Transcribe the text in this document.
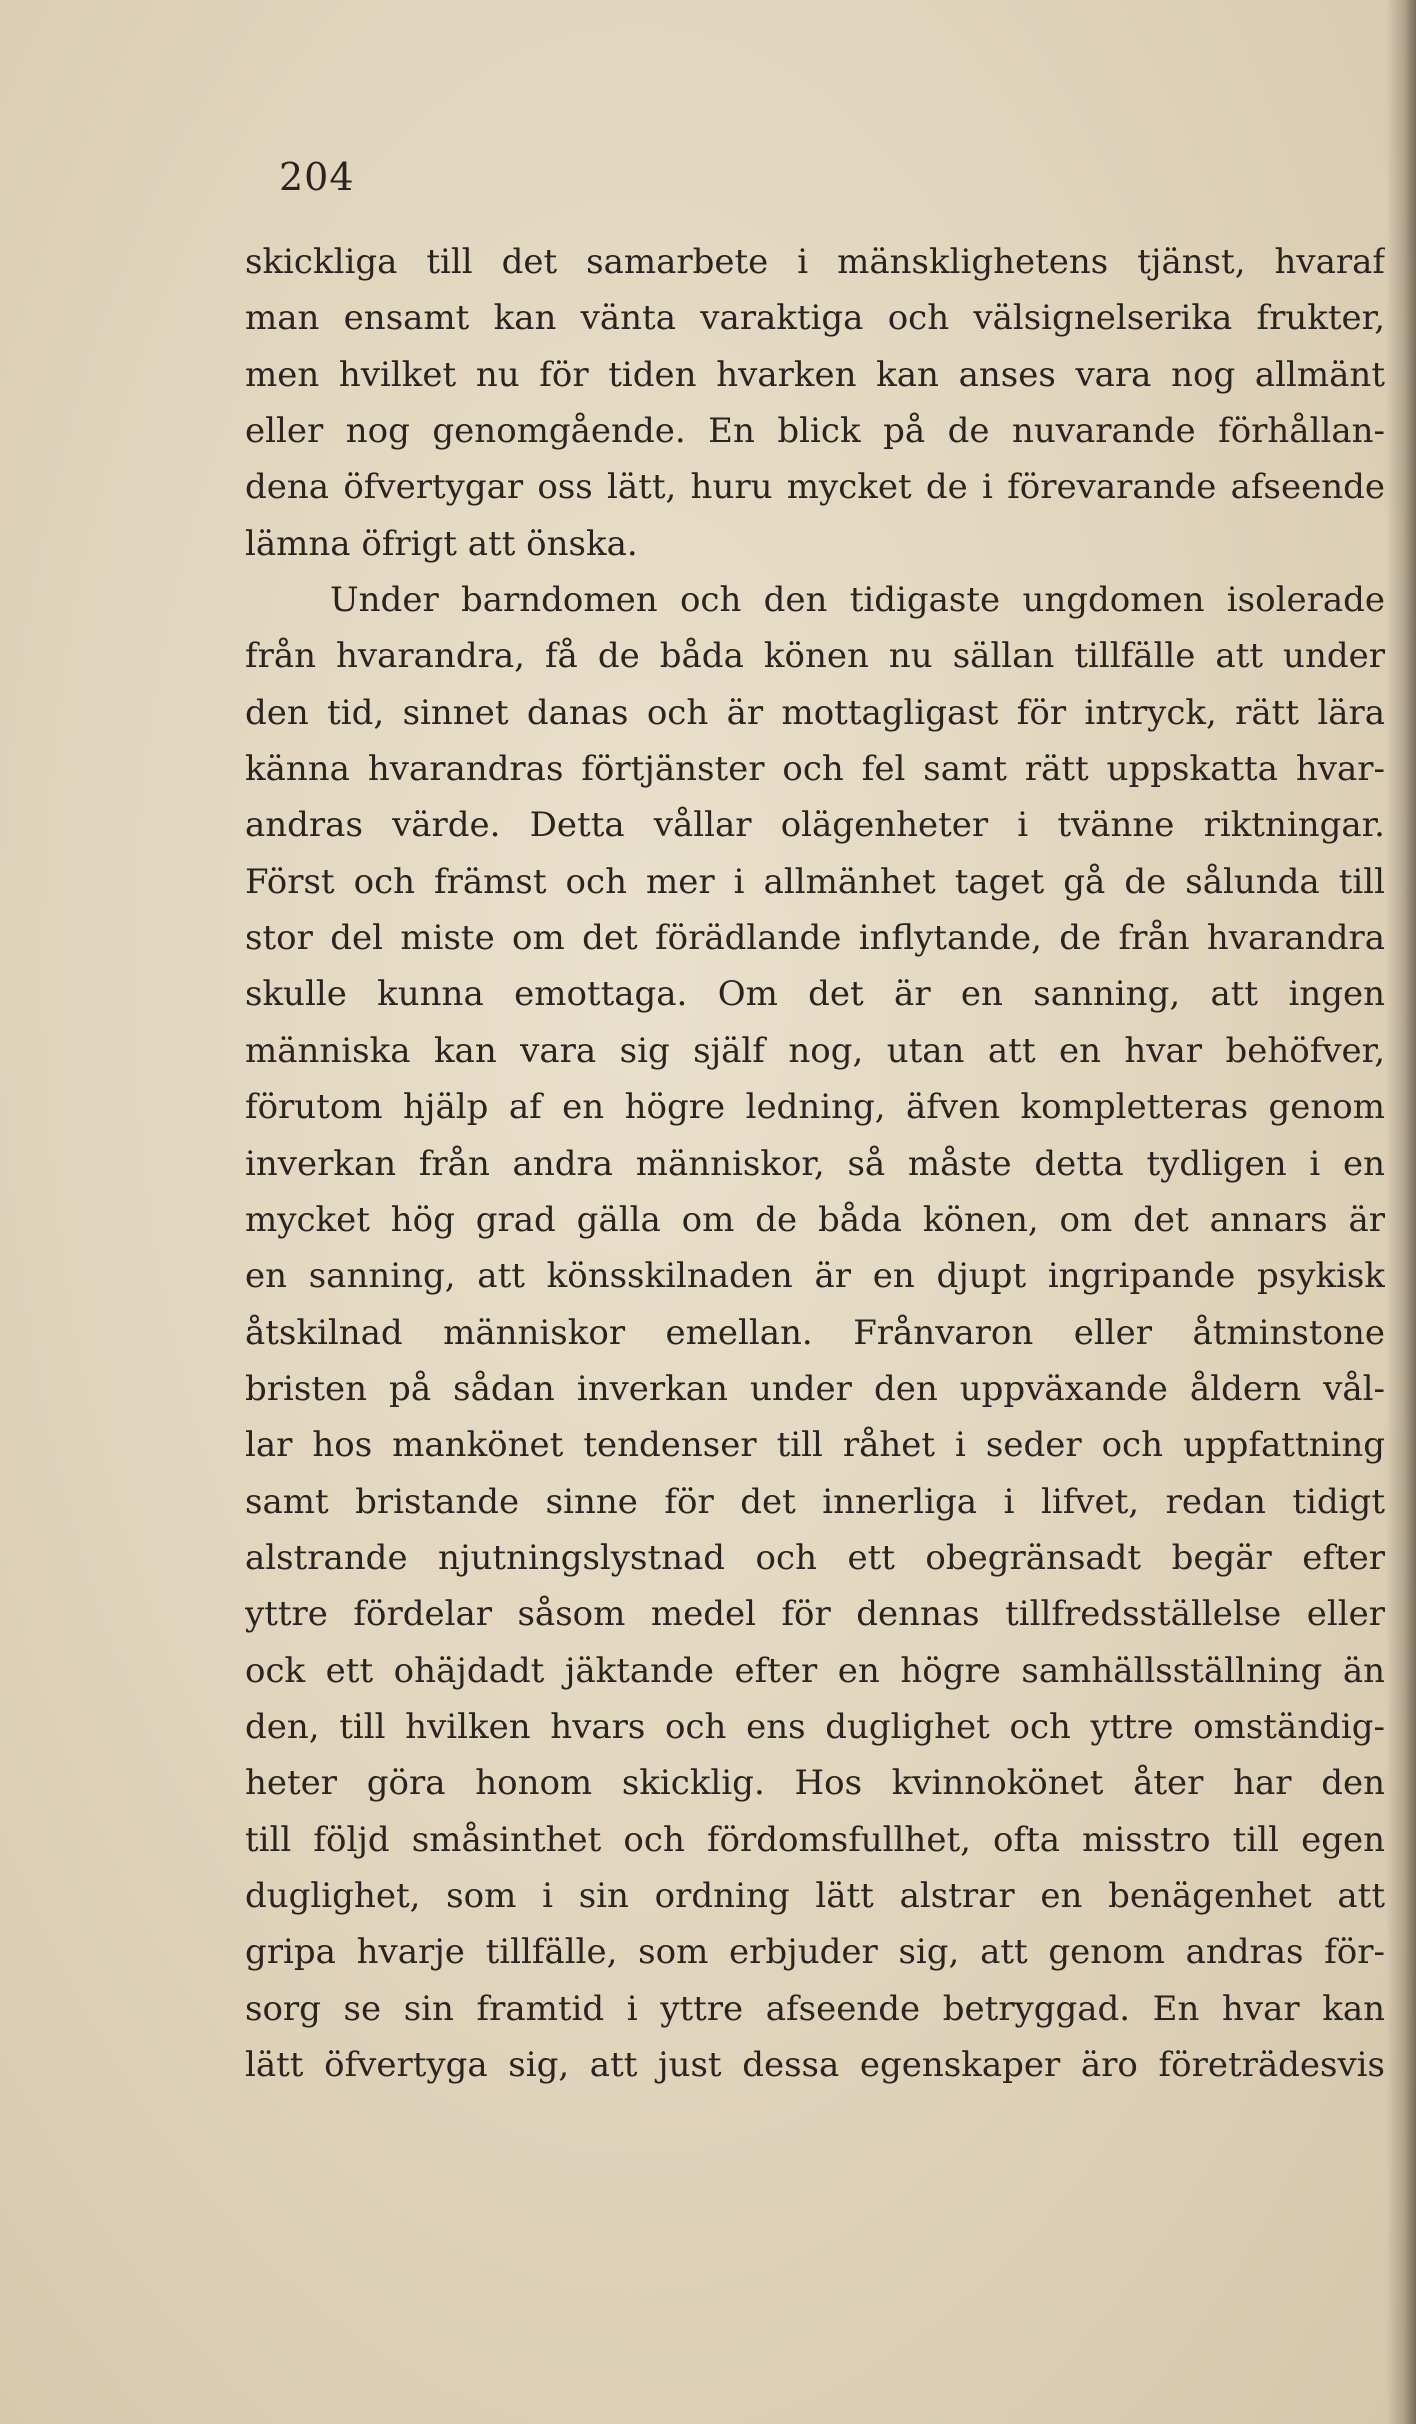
204
skickliga till det samarbete i mänsklighetens tjänst, hvaraf
man ensamt kan vänta varaktiga och välsignelserika frukter,
men hvilket nu för tiden hvarken kan anses vara nog allmänt
eller nog genomgående. En blick på de nuvarande förhållan-
dena öfvertygar oss lätt, huru mycket de i förevarande afseende
lämna öfrigt att önska.
Under barndomen och den tidigaste ungdomen isolerade
från hvarandra, få de båda könen nu sällan tillfälle att under
den tid, sinnet danas och är mottagligast för intryck, rätt lära
känna hvarandras förtjänster och fel samt rätt uppskatta hvar-
andras värde. Detta vållar olägenheter i tvänne riktningar.
Först och främst och mer i allmänhet taget gå de sålunda till
stor del miste om det förädlande inflytande, de från hvarandra
skulle kunna emottaga. Om det är en sanning, att ingen
människa kan vara sig själf nog, utan att en hvar behöfver,
förutom hjälp af en högre ledning, äfven kompletteras genom
inverkan från andra människor, så måste detta tydligen i en
mycket hög grad gälla om de båda könen, om det annars är
en sanning, att könsskilnaden är en djupt ingripande psykisk
åtskilnad människor emellan. Frånvaron eller åtminstone
bristen på sådan inverkan under den uppväxande åldern vål-
lar hos mankönet tendenser till råhet i seder och uppfattning
samt bristande sinne för det innerliga i lifvet, redan tidigt
alstrande njutningslystnad och ett obegränsadt begär efter
yttre fördelar såsom medel för dennas tillfredsställelse eller
ock ett ohäjdadt jäktande efter en högre samhällsställning än
den, till hvilken hvars och ens duglighet och yttre omständig-
heter göra honom skicklig. Hos kvinnokönet åter har den
till följd småsinthet och fördomsfullhet, ofta misstro till egen
duglighet, som i sin ordning lätt alstrar en benägenhet att
gripa hvarje tillfälle, som erbjuder sig, att genom andras för-
sorg se sin framtid i yttre afseende betryggad. En hvar kan
lätt öfvertyga sig, att just dessa egenskaper äro företrädesvis
